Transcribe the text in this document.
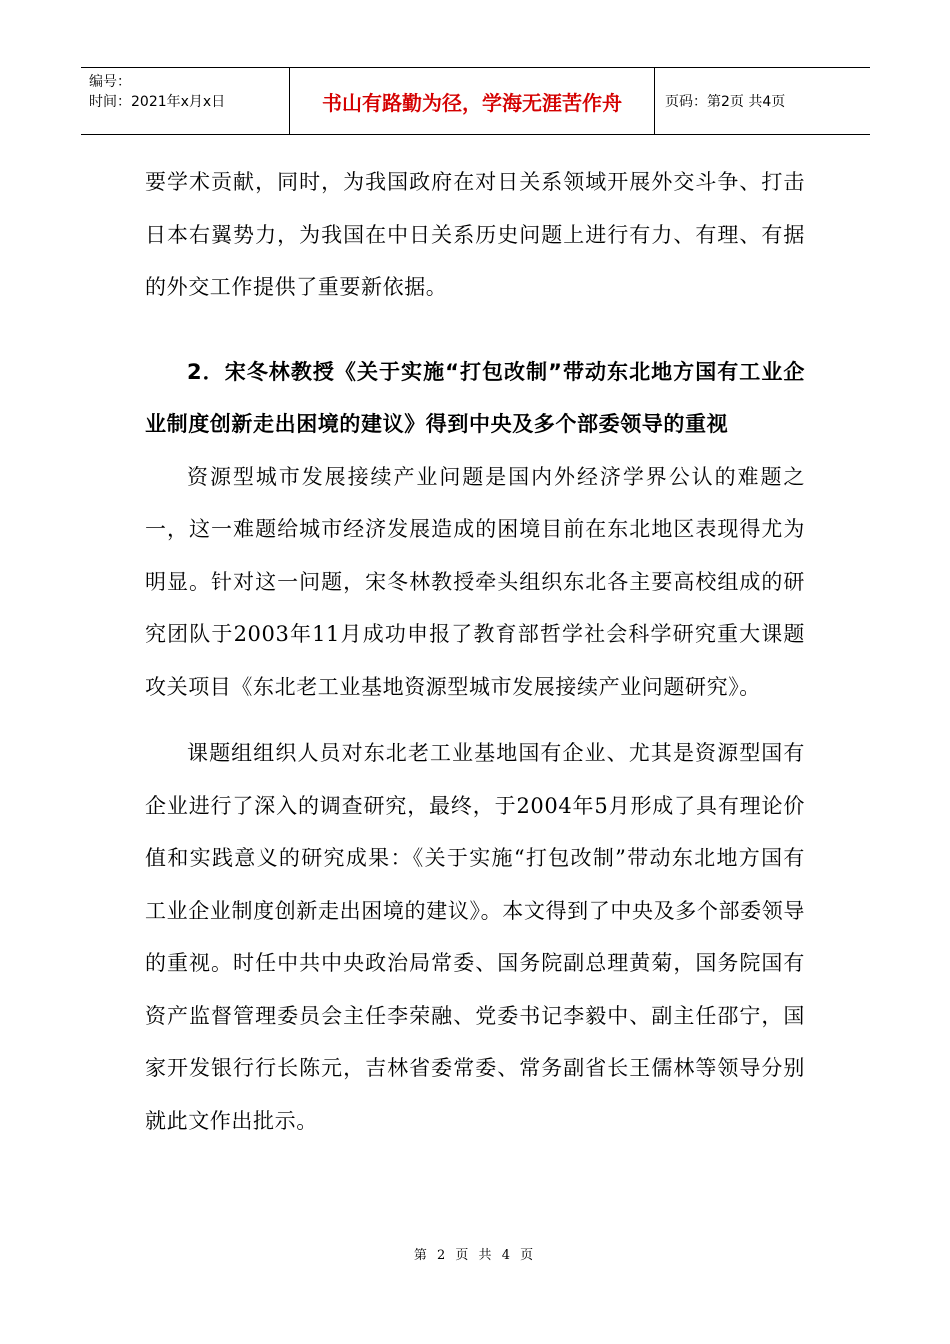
编号：
时间：2021年x月x日	书山有路勤为径，学海无涯苦作舟	页码：第2页 共4页

要学术贡献，同时，为我国政府在对日关系领域开展外交斗争、打击日本右翼势力，为我国在中日关系历史问题上进行有力、有理、有据的外交工作提供了重要新依据。

2．宋冬林教授《关于实施“打包改制”带动东北地方国有工业企业制度创新走出困境的建议》得到中央及多个部委领导的重视

资源型城市发展接续产业问题是国内外经济学界公认的难题之一，这一难题给城市经济发展造成的困境目前在东北地区表现得尤为明显。针对这一问题，宋冬林教授牵头组织东北各主要高校组成的研究团队于2003年11月成功申报了教育部哲学社会科学研究重大课题攻关项目《东北老工业基地资源型城市发展接续产业问题研究》。

课题组组织人员对东北老工业基地国有企业、尤其是资源型国有企业进行了深入的调查研究，最终，于2004年5月形成了具有理论价值和实践意义的研究成果：《关于实施“打包改制”带动东北地方国有工业企业制度创新走出困境的建议》。本文得到了中央及多个部委领导的重视。时任中共中央政治局常委、国务院副总理黄菊，国务院国有资产监督管理委员会主任李荣融、党委书记李毅中、副主任邵宁，国家开发银行行长陈元，吉林省委常委、常务副省长王儒林等领导分别就此文作出批示。

第 2 页 共 4 页
